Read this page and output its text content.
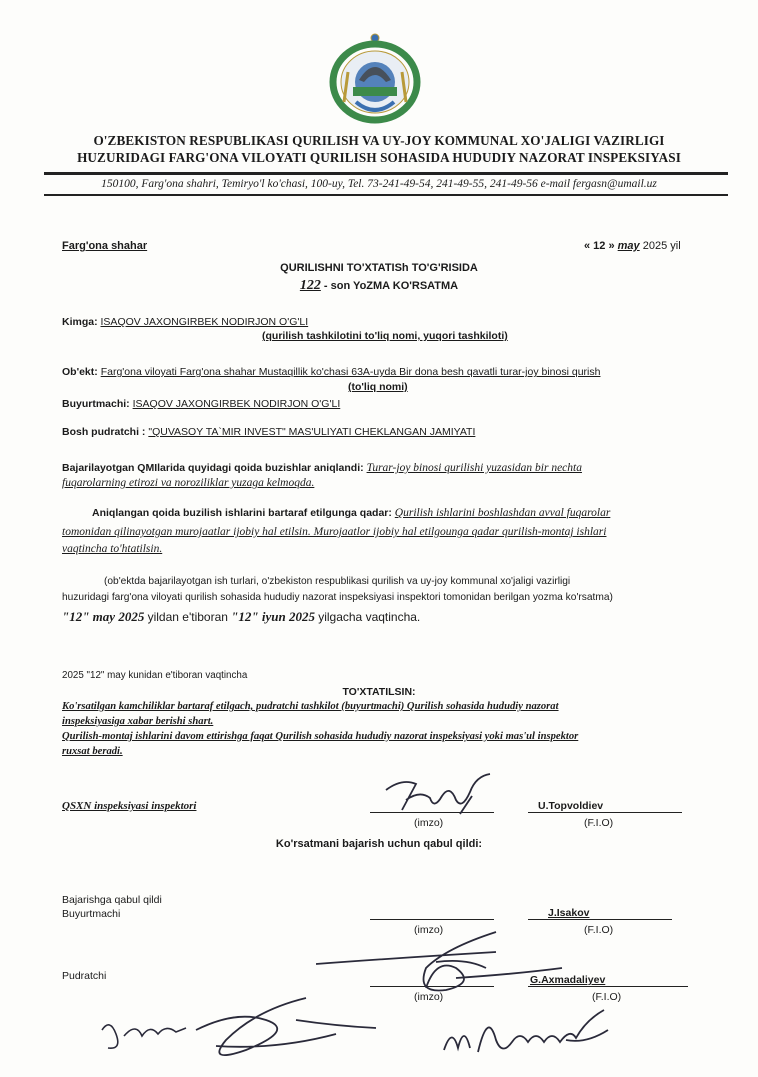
O'ZBEKISTON RESPUBLIKASI QURILISH VA UY-JOY KOMMUNAL XO'JALIGI VAZIRLIGI
HUZURIDAGI FARG'ONA VILOYATI QURILISH SOHASIDA HUDUDIY NAZORAT INSPEKSIYASI
150100, Farg'ona shahri, Temiryo'l ko'chasi, 100-uy, Tel. 73-241-49-54, 241-49-55, 241-49-56 e-mail fergasn@umail.uz
Farg'ona shahar	« 12 » may 2025 yil
QURILISHNI TO'XTATISh TO'G'RISIDA
122 - son YoZMA KO'RSATMA
Kimga: ISAQOV JAXONGIRBEK NODIRJON O'G'LI
(qurilish tashkilotini to'liq nomi, yuqori tashkiloti)
Ob'ekt: Farg'ona viloyati Farg'ona shahar Mustaqillik ko'chasi 63A-uyda Bir dona besh qavatli turar-joy binosi qurish
(to'liq nomi)
Buyurtmachi: ISAQOV JAXONGIRBEK NODIRJON O'G'LI
Bosh pudratchi : "QUVASOY TA`MIR INVEST" MAS'ULIYATI CHEKLANGAN JAMIYATI
Bajarilayotgan QMIlarida quyidagi qoida buzishlar aniqlandi: Turar-joy binosi qurilishi yuzasidan bir nechta
fuqarolarning etirozi va noroziliklar yuzaga kelmoqda.
Aniqlangan qoida buzilish ishlarini bartaraf etilgunga qadar: Qurilish ishlarini boshlashdan avval fuqarolar
tomonidan qilinayotgan murojaatlar ijobiy hal etilsin. Murojaatlor ijobiy hal etilgounga qadar qurilish-montaj ishlari
vaqtincha to'htatilsin.
(ob'ektda bajarilayotgan ish turlari, o'zbekiston respublikasi qurilish va uy-joy kommunal xo'jaligi vazirligi
huzuridagi farg'ona viloyati qurilish sohasida hududiy nazorat inspeksiyasi inspektori tomonidan berilgan yozma ko'rsatma)
"12" may 2025 yildan e'tiboran "12" iyun 2025 yilgacha vaqtincha.
2025 "12" may kunidan e'tiboran vaqtincha
TO'XTATILSIN:
Ko'rsatilgan kamchiliklar bartaraf etilgach, pudratchi tashkilot (buyurtmachi) Qurilish sohasida hududiy nazorat
inspeksiyasiga xabar berishi shart.
Qurilish-montaj ishlarini davom ettirishga faqat Qurilish sohasida hududiy nazorat inspeksiyasi yoki mas'ul inspektor
ruxsat beradi.
QSXN inspeksiyasi inspektori	U.Topvoldiev
(imzo)	(F.I.O)
Ko'rsatmani bajarish uchun qabul qildi:
Bajarishga qabul qildi
Buyurtmachi	J.Isakov
(imzo)	(F.I.O)
Pudratchi	G.Axmadaliyev
(imzo)	(F.I.O)
